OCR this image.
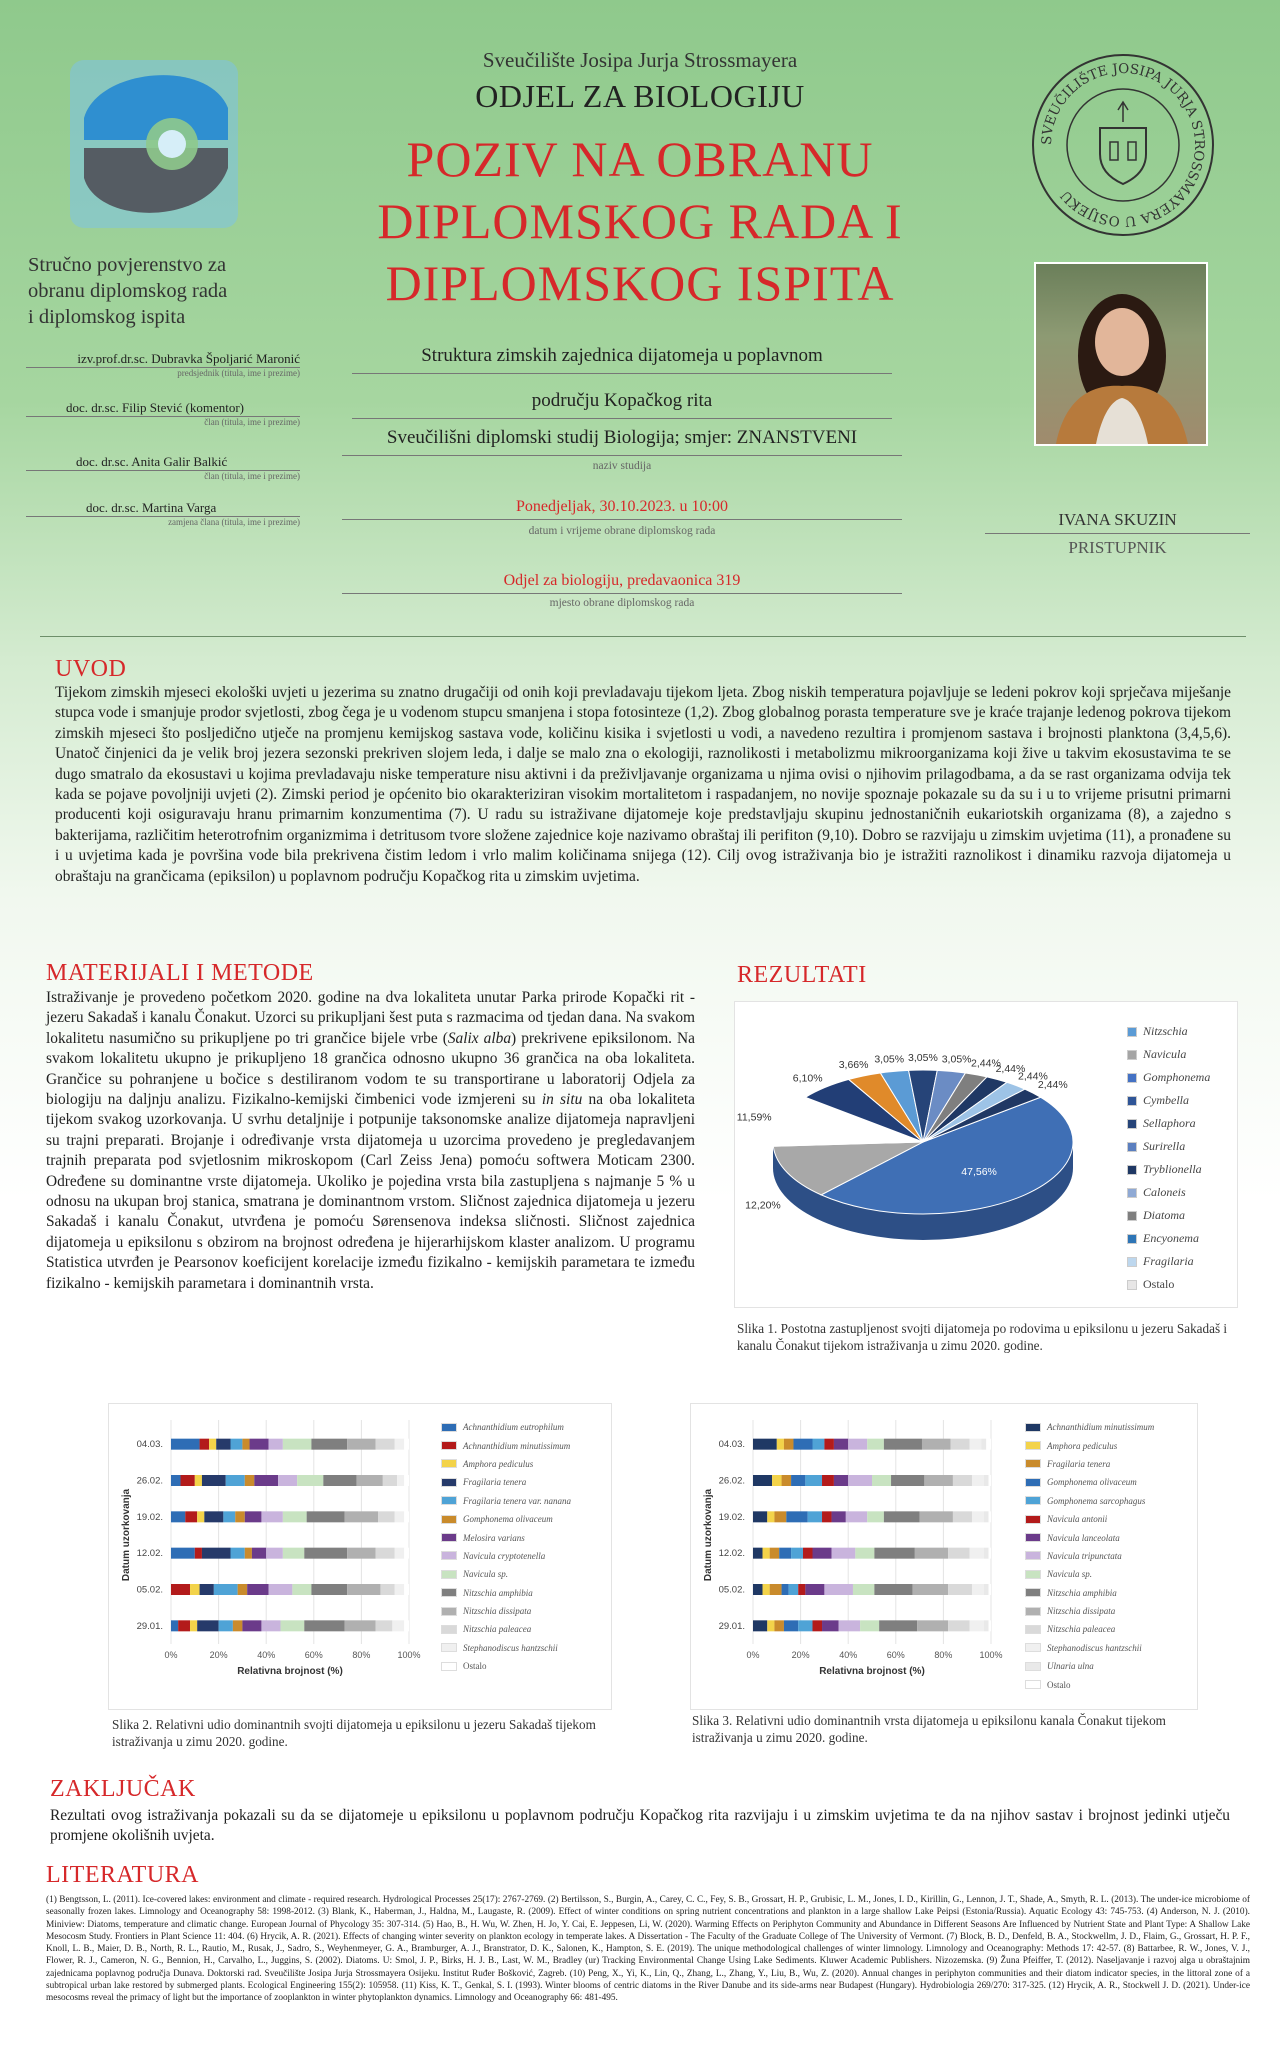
Sveučilište Josipa Jurja Strossmayera
ODJEL ZA BIOLOGIJU
POZIV NA OBRANU
DIPLOMSKOG RADA I
DIPLOMSKOG ISPITA
SVEUČILIŠTE JOSIPA JURJA STROSSMAYERA U OSIJEKU
Stručno povjerenstvo za
obranu diplomskog rada
i diplomskog ispita
izv.prof.dr.sc. Dubravka Špoljarić Maronić
predsjednik (titula, ime i prezime)
doc. dr.sc. Filip Stević (komentor)
član (titula, ime i prezime)
doc. dr.sc. Anita Galir Balkić
član (titula, ime i prezime)
doc. dr.sc. Martina Varga
zamjena člana (titula, ime i prezime)
Struktura zimskih zajednica dijatomeja u poplavnom
području Kopačkog rita
Sveučilišni diplomski studij Biologija; smjer: ZNANSTVENI
naziv studija
Ponedjeljak, 30.10.2023. u 10:00
datum i vrijeme obrane diplomskog rada
Odjel za biologiju, predavaonica 319
mjesto obrane diplomskog rada
IVANA SKUZIN
PRISTUPNIK
UVOD

Tijekom zimskih mjeseci ekološki uvjeti u jezerima su znatno drugačiji od onih koji prevladavaju tijekom ljeta. Zbog niskih temperatura pojavljuje se ledeni pokrov koji sprječava miješanje stupca vode i smanjuje prodor svjetlosti, zbog čega je u vodenom stupcu smanjena i stopa fotosinteze (1,2). Zbog globalnog porasta temperature sve je kraće trajanje ledenog pokrova tijekom zimskih mjeseci što posljedično utječe na promjenu kemijskog sastava vode, količinu kisika i svjetlosti u vodi, a navedeno rezultira i promjenom sastava i brojnosti planktona (3,4,5,6). Unatoč činjenici da je velik broj jezera sezonski prekriven slojem leda, i dalje se malo zna o ekologiji, raznolikosti i metabolizmu mikroorganizama koji žive u takvim ekosustavima te se dugo smatralo da ekosustavi u kojima prevladavaju niske temperature nisu aktivni i da preživljavanje organizama u njima ovisi o njihovim prilagodbama, a da se rast organizama odvija tek kada se pojave povoljniji uvjeti (2). Zimski period je općenito bio okarakteriziran visokim mortalitetom i raspadanjem, no novije spoznaje pokazale su da su i u to vrijeme prisutni primarni producenti koji osiguravaju hranu primarnim konzumentima (7). U radu su istraživane dijatomeje koje predstavljaju skupinu jednostaničnih eukariotskih organizama (8), a zajedno s bakterijama, različitim heterotrofnim organizmima i detritusom tvore složene zajednice koje nazivamo obraštaj ili perifiton (9,10). Dobro se razvijaju u zimskim uvjetima (11), a pronađene su i u uvjetima kada je površina vode bila prekrivena čistim ledom i vrlo malim količinama snijega (12). Cilj ovog istraživanja bio je istražiti raznolikost i dinamiku razvoja dijatomeja u obraštaju na grančicama (epiksilon) u poplavnom području Kopačkog rita u zimskim uvjetima.

MATERIJALI I METODE

Istraživanje je provedeno početkom 2020. godine na dva lokaliteta unutar Parka prirode Kopački rit - jezeru Sakadaš i kanalu Čonakut. Uzorci su prikupljani šest puta s razmacima od tjedan dana. Na svakom lokalitetu nasumično su prikupljene po tri grančice bijele vrbe (Salix alba) prekrivene epiksilonom. Na svakom lokalitetu ukupno je prikupljeno 18 grančica odnosno ukupno 36 grančica na oba lokaliteta. Grančice su pohranjene u bočice s destiliranom vodom te su transportirane u laboratorij Odjela za biologiju na daljnju analizu. Fizikalno-kemijski čimbenici vode izmjereni su in situ na oba lokaliteta tijekom svakog uzorkovanja. U svrhu detaljnije i potpunije taksonomske analize dijatomeja napravljeni su trajni preparati. Brojanje i određivanje vrsta dijatomeja u uzorcima provedeno je pregledavanjem trajnih preparata pod svjetlosnim mikroskopom (Carl Zeiss Jena) pomoću softwera Moticam 2300. Određene su dominantne vrste dijatomeja. Ukoliko je pojedina vrsta bila zastupljena s najmanje 5 % u odnosu na ukupan broj stanica, smatrana je dominantnom vrstom. Sličnost zajednica dijatomeja u jezeru Sakadaš i kanalu Čonakut, utvrđena je pomoću Sørensenova indeksa sličnosti. Sličnost zajednica dijatomeja u epiksilonu s obzirom na brojnost određena je hijerarhijskom klaster analizom. U programu Statistica utvrđen je Pearsonov koeficijent korelacije između fizikalno - kemijskih parametara te između fizikalno - kemijskih parametara i dominantnih vrsta.

REZULTATI
47,56%
12,20%
11,59%
6,10%
3,66% 3,05% 3,05% 3,05% 2,44%
2,44%
2,44%
2,44%
Nitzschia
Navicula
Gomphonema
Cymbella
Sellaphora
Surirella
Tryblionella
Caloneis
Diatoma
Encyonema
Fragilaria
Ostalo
Slika 1. Postotna zastupljenost svojti dijatomeja po rodovima u epiksilonu u jezeru Sakadaš i kanalu Čonakut tijekom istraživanja u zimu 2020. godine.
0%	20%	40%	60%	80%	100%
04.03.
26.02.
19.02.
12.02.
05.02.
29.01.
Relativna brojnost (%)
Datum uzorkovanja
Achnanthidium eutrophilum
Achnanthidium minutissimum
Amphora pediculus
Fragilaria tenera
Fragilaria tenera var. nanana
Gomphonema olivaceum
Melosira varians
Navicula cryptotenella
Navicula sp.
Nitzschia amphibia
Nitzschia dissipata
Nitzschia paleacea
Stephanodiscus hantzschii
Ostalo
Slika 2. Relativni udio dominantnih svojti dijatomeja u epiksilonu u jezeru Sakadaš tijekom istraživanja u zimu 2020. godine.
0%	20%	40%	60%	80%	100%
04.03.
26.02.
19.02.
12.02.
05.02.
29.01.
Relativna brojnost (%)
Datum uzorkovanja
Achnanthidium minutissimum
Amphora pediculus
Fragilaria tenera
Gomphonema olivaceum
Gomphonema sarcophagus
Navicula antonii
Navicula lanceolata
Navicula tripunctata
Navicula sp.
Nitzschia amphibia
Nitzschia dissipata
Nitzschia paleacea
Stephanodiscus hantzschii
Ulnaria ulna
Ostalo
Slika 3. Relativni udio dominantnih vrsta dijatomeja u epiksilonu kanala Čonakut tijekom istraživanja u zimu 2020. godine.
ZAKLJUČAK

Rezultati ovog istraživanja pokazali su da se dijatomeje u epiksilonu u poplavnom području Kopačkog rita razvijaju i u zimskim uvjetima te da na njihov sastav i brojnost jedinki utječu promjene okolišnih uvjeta.

LITERATURA

(1) Bengtsson, L. (2011). Ice-covered lakes: environment and climate - required research. Hydrological Processes 25(17): 2767-2769. (2) Bertilsson, S., Burgin, A., Carey, C. C., Fey, S. B., Grossart, H. P., Grubisic, L. M., Jones, I. D., Kirillin, G., Lennon, J. T., Shade, A., Smyth, R. L. (2013). The under-ice microbiome of seasonally frozen lakes. Limnology and Oceanography 58: 1998-2012. (3) Blank, K., Haberman, J., Haldna, M., Laugaste, R. (2009). Effect of winter conditions on spring nutrient concentrations and plankton in a large shallow Lake Peipsi (Estonia/Russia). Aquatic Ecology 43: 745-753. (4) Anderson, N. J. (2010). Miniview: Diatoms, temperature and climatic change. European Journal of Phycology 35: 307-314. (5) Hao, B., H. Wu, W. Zhen, H. Jo, Y. Cai, E. Jeppesen, Li, W. (2020). Warming Effects on Periphyton Community and Abundance in Different Seasons Are Influenced by Nutrient State and Plant Type: A Shallow Lake Mesocosm Study. Frontiers in Plant Science 11: 404. (6) Hrycik, A. R. (2021). Effects of changing winter severity on plankton ecology in temperate lakes. A Dissertation - The Faculty of the Graduate College of The University of Vermont. (7) Block, B. D., Denfeld, B. A., Stockwellm, J. D., Flaim, G., Grossart, H. P. F., Knoll, L. B., Maier, D. B., North, R. L., Rautio, M., Rusak, J., Sadro, S., Weyhenmeyer, G. A., Bramburger, A. J., Branstrator, D. K., Salonen, K., Hampton, S. E. (2019). The unique methodological challenges of winter limnology. Limnology and Oceanography: Methods 17: 42-57. (8) Battarbee, R. W., Jones, V. J., Flower, R. J., Cameron, N. G., Bennion, H., Carvalho, L., Juggins, S. (2002). Diatoms. U: Smol, J. P., Birks, H. J. B., Last, W. M., Bradley (ur) Tracking Environmental Change Using Lake Sediments. Kluwer Academic Publishers. Nizozemska. (9) Žuna Pfeiffer, T. (2012). Naseljavanje i razvoj alga u obraštajnim zajednicama poplavnog područja Dunava. Doktorski rad. Sveučilište Josipa Jurja Strossmayera Osijeku. Institut Ruđer Bošković, Zagreb. (10) Peng, X., Yi, K., Lin, Q., Zhang, L., Zhang, Y., Liu, B., Wu, Z. (2020). Annual changes in periphyton communities and their diatom indicator species, in the littoral zone of a subtropical urban lake restored by submerged plants. Ecological Engineering 155(2): 105958. (11) Kiss, K. T., Genkal, S. I. (1993). Winter blooms of centric diatoms in the River Danube and its side-arms near Budapest (Hungary). Hydrobiologia 269/270: 317-325. (12) Hrycik, A. R., Stockwell J. D. (2021). Under-ice mesocosms reveal the primacy of light but the importance of zooplankton in winter phytoplankton dynamics. Limnology and Oceanography 66: 481-495.
